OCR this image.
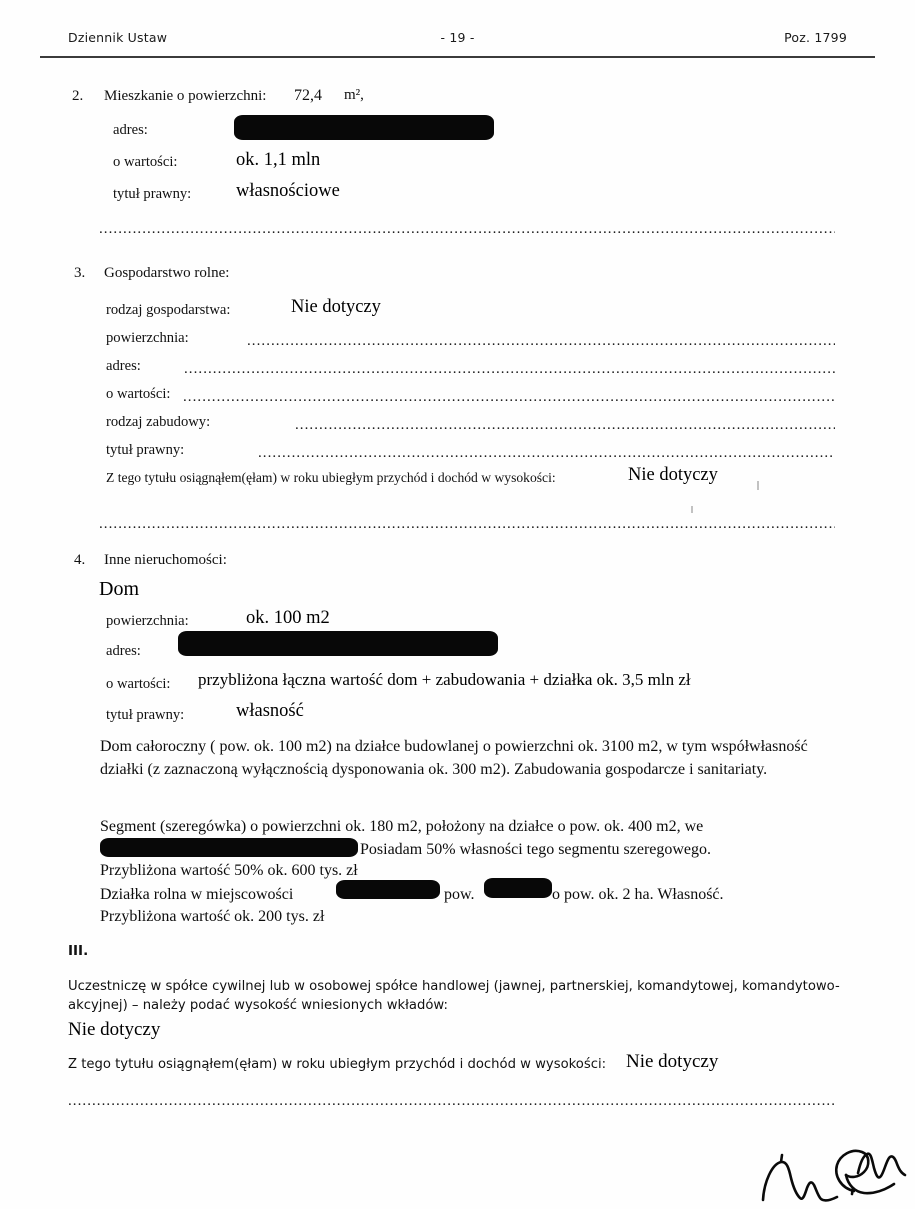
Dziennik Ustaw	- 19 -	Poz. 1799
2. Mieszkanie o powierzchni: 72,4 m²,
adres:
o wartości:	ok. 1,1 mln
tytuł prawny: własnościowe
.....
3. Gospodarstwo rolne:
rodzaj gospodarstwa:	Nie dotyczy
powierzchnia:
.....
adres:
.....
o wartości:
.....
rodzaj zabudowy:
.....
tytuł prawny:
.....
Z tego tytułu osiągnąłem(ęłam) w roku ubiegłym przychód i dochód w wysokości:	Nie dotyczy
.....
4. Inne nieruchomości:
Dom
powierzchnia:	ok. 100 m2
adres:
o wartości: przybliżona łączna wartość dom + zabudowania + działka ok. 3,5 mln zł
tytuł prawny:	własność
Dom całoroczny ( pow. ok. 100 m2) na działce budowlanej o powierzchni ok. 3100 m2, w tym współwłasność działki (z zaznaczoną wyłącznością dysponowania ok. 300 m2). Zabudowania gospodarcze i sanitariaty.
Segment (szeregówka) o powierzchni ok. 180 m2, położony na działce o pow. ok. 400 m2, we
Posiadam 50% własności tego segmentu szeregowego.
Przybliżona wartość 50% ok. 600 tys. zł
Działka rolna w miejscowości	pow.	o pow. ok. 2 ha. Własność.
Przybliżona wartość ok. 200 tys. zł
III.
Uczestniczę w spółce cywilnej lub w osobowej spółce handlowej (jawnej, partnerskiej, komandytowej, komandytowo-akcyjnej) – należy podać wysokość wniesionych wkładów:
Nie dotyczy
Z tego tytułu osiągnąłem(ęłam) w roku ubiegłym przychód i dochód w wysokości: Nie dotyczy
.....
